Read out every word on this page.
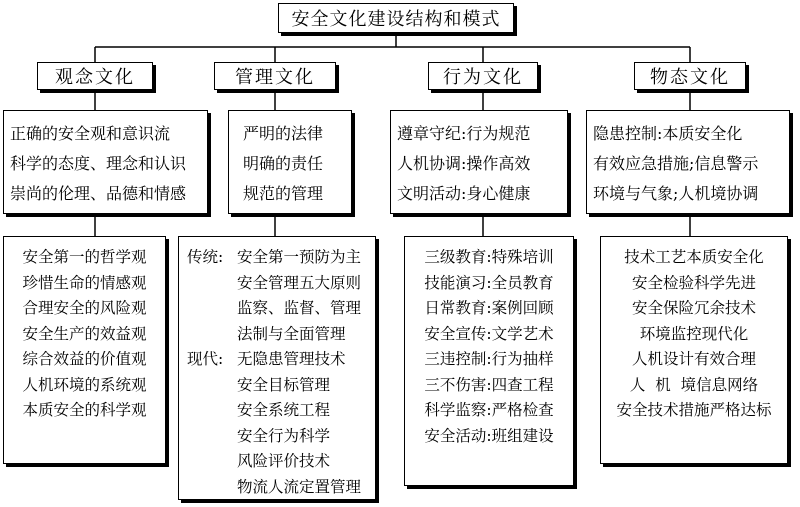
安全文化建设结构和模式
观念文化	管理文化	行为文化	物态文化
正确的安全观和意识流
科学的态度、理念和认识
崇尚的伦理、品德和情感
严明的法律
明确的责任
规范的管理
遵章守纪:行为规范
人机协调:操作高效
文明活动:身心健康
隐患控制:本质安全化
有效应急措施;信息警示
环境与气象;人机境协调
安全第一的哲学观
珍惜生命的情感观
合理安全的风险观
安全生产的效益观
综合效益的价值观
人机环境的系统观
本质安全的科学观
传统: 安全第一预防为主
安全管理五大原则
监察、监督、管理
法制与全面管理
现代: 无隐患管理技术
安全目标管理
安全系统工程
安全行为科学
风险评价技术
物流人流定置管理
三级教育:特殊培训
技能演习:全员教育
日常教育:案例回顾
安全宣传:文学艺术
三违控制:行为抽样
三不伤害:四查工程
科学监察:严格检查
安全活动:班组建设
技术工艺本质安全化
安全检验科学先进
安全保险冗余技术
环境监控现代化
人机设计有效合理
人  机  境信息网络
安全技术措施严格达标
